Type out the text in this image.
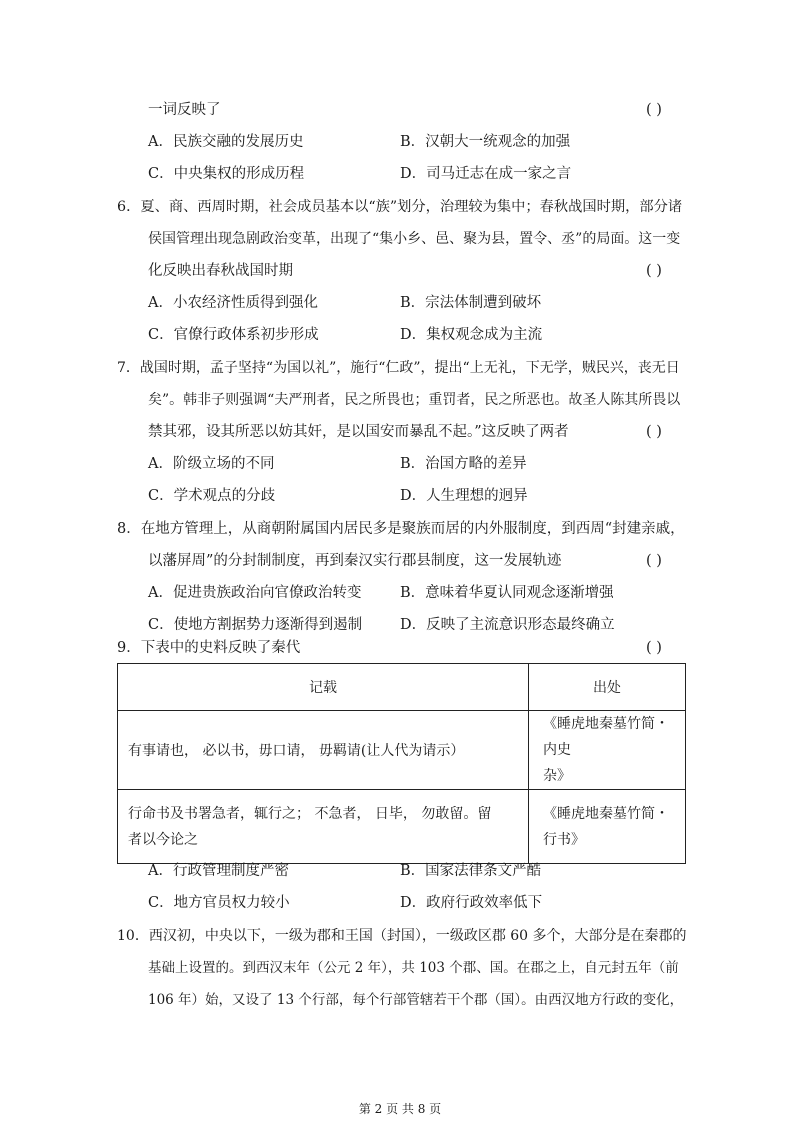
一词反映了	( )
A．民族交融的发展历史	B．汉朝大一统观念的加强
C．中央集权的形成历程	D．司马迁志在成一家之言
6．夏、商、西周时期，社会成员基本以“族”划分，治理较为集中；春秋战国时期，部分诸
侯国管理出现急剧政治变革，出现了“集小乡、邑、聚为县，置令、丞”的局面。这一变
化反映出春秋战国时期	( )
A．小农经济性质得到强化	B．宗法体制遭到破坏
C．官僚行政体系初步形成	D．集权观念成为主流
7．战国时期，孟子坚持“为国以礼”，施行“仁政”，提出“上无礼，下无学，贼民兴，丧无日
矣”。韩非子则强调“夫严刑者，民之所畏也；重罚者，民之所恶也。故圣人陈其所畏以
禁其邪，设其所恶以妨其奸，是以国安而暴乱不起。”这反映了两者	( )
A．阶级立场的不同	B．治国方略的差异
C．学术观点的分歧	D．人生理想的迥异
8．在地方管理上，从商朝附属国内居民多是聚族而居的内外服制度，到西周“封建亲戚，
以藩屏周”的分封制制度，再到秦汉实行郡县制度，这一发展轨迹	( )
A．促进贵族政治向官僚政治转变	B．意味着华夏认同观念逐渐增强
C．使地方割据势力逐渐得到遏制	D．反映了主流意识形态最终确立
9．下表中的史料反映了秦代	( )
记载	出处
有事请也， 必以书，毋口请， 毋羁请(让人代为请示）	《睡虎地秦墓竹简・内史
杂》

行命书及书署急者，辄行之； 不急者， 日毕， 勿敢留。留
者以今论之	《睡虎地秦墓竹简・行书》
A．行政管理制度严密	B．国家法律条文严酷
C．地方官员权力较小	D．政府行政效率低下
10．西汉初，中央以下，一级为郡和王国（封国），一级政区郡 60 多个，大部分是在秦郡的
基础上设置的。到西汉末年（公元 2 年），共 103 个郡、国。在郡之上，自元封五年（前
106 年）始，又设了 13 个行部，每个行部管辖若干个郡（国）。由西汉地方行政的变化，
第 2 页 共 8 页
